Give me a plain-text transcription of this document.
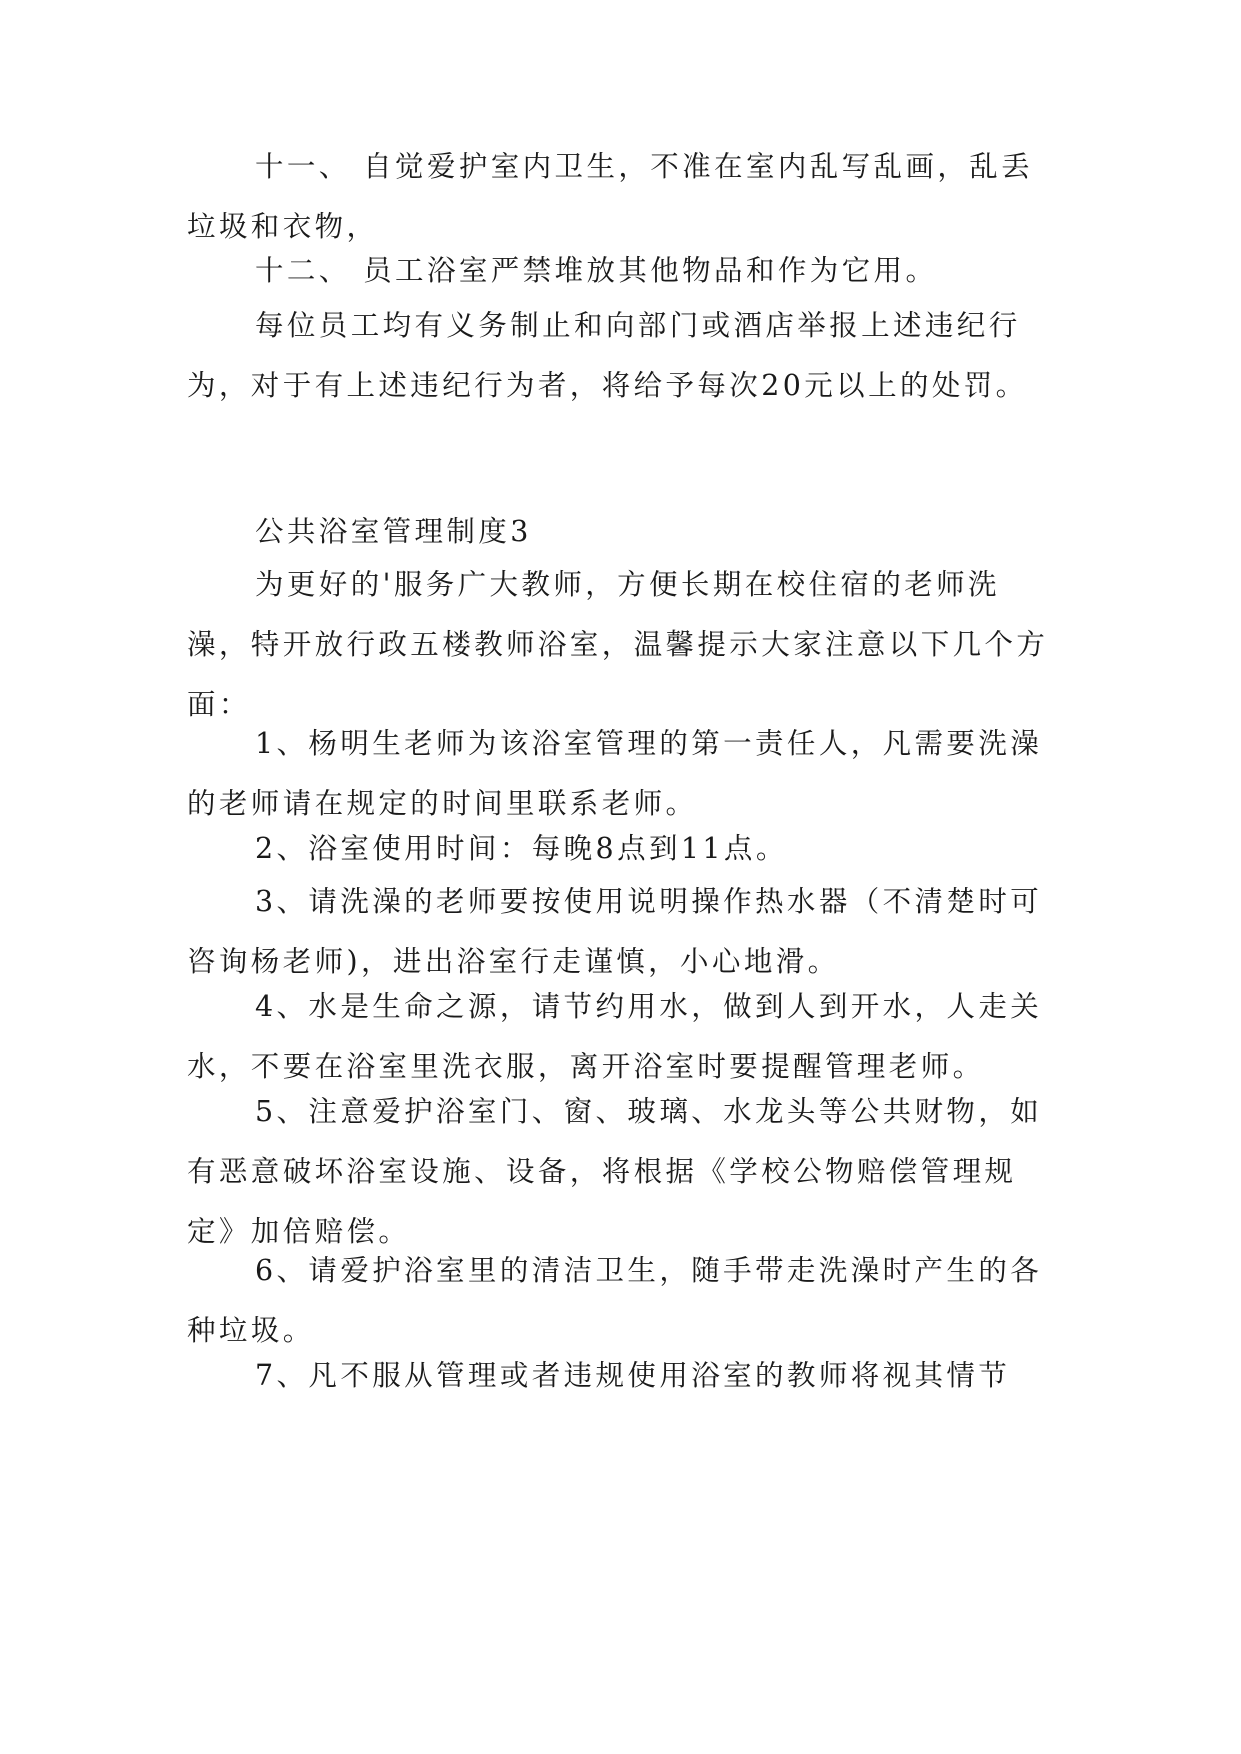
十一、 自觉爱护室内卫生，不准在室内乱写乱画，乱丢垃圾和衣物，

十二、 员工浴室严禁堆放其他物品和作为它用。

每位员工均有义务制止和向部门或酒店举报上述违纪行为，对于有上述违纪行为者，将给予每次20元以上的处罚。

公共浴室管理制度3

为更好的'服务广大教师，方便长期在校住宿的老师洗澡，特开放行政五楼教师浴室，温馨提示大家注意以下几个方面：

1、杨明生老师为该浴室管理的第一责任人，凡需要洗澡的老师请在规定的时间里联系老师。

2、浴室使用时间：每晚8点到11点。

3、请洗澡的老师要按使用说明操作热水器（不清楚时可咨询杨老师)，进出浴室行走谨慎，小心地滑。

4、水是生命之源，请节约用水，做到人到开水，人走关水，不要在浴室里洗衣服，离开浴室时要提醒管理老师。

5、注意爱护浴室门、窗、玻璃、水龙头等公共财物，如有恶意破坏浴室设施、设备，将根据《学校公物赔偿管理规定》加倍赔偿。

6、请爱护浴室里的清洁卫生，随手带走洗澡时产生的各种垃圾。

7、凡不服从管理或者违规使用浴室的教师将视其情节
